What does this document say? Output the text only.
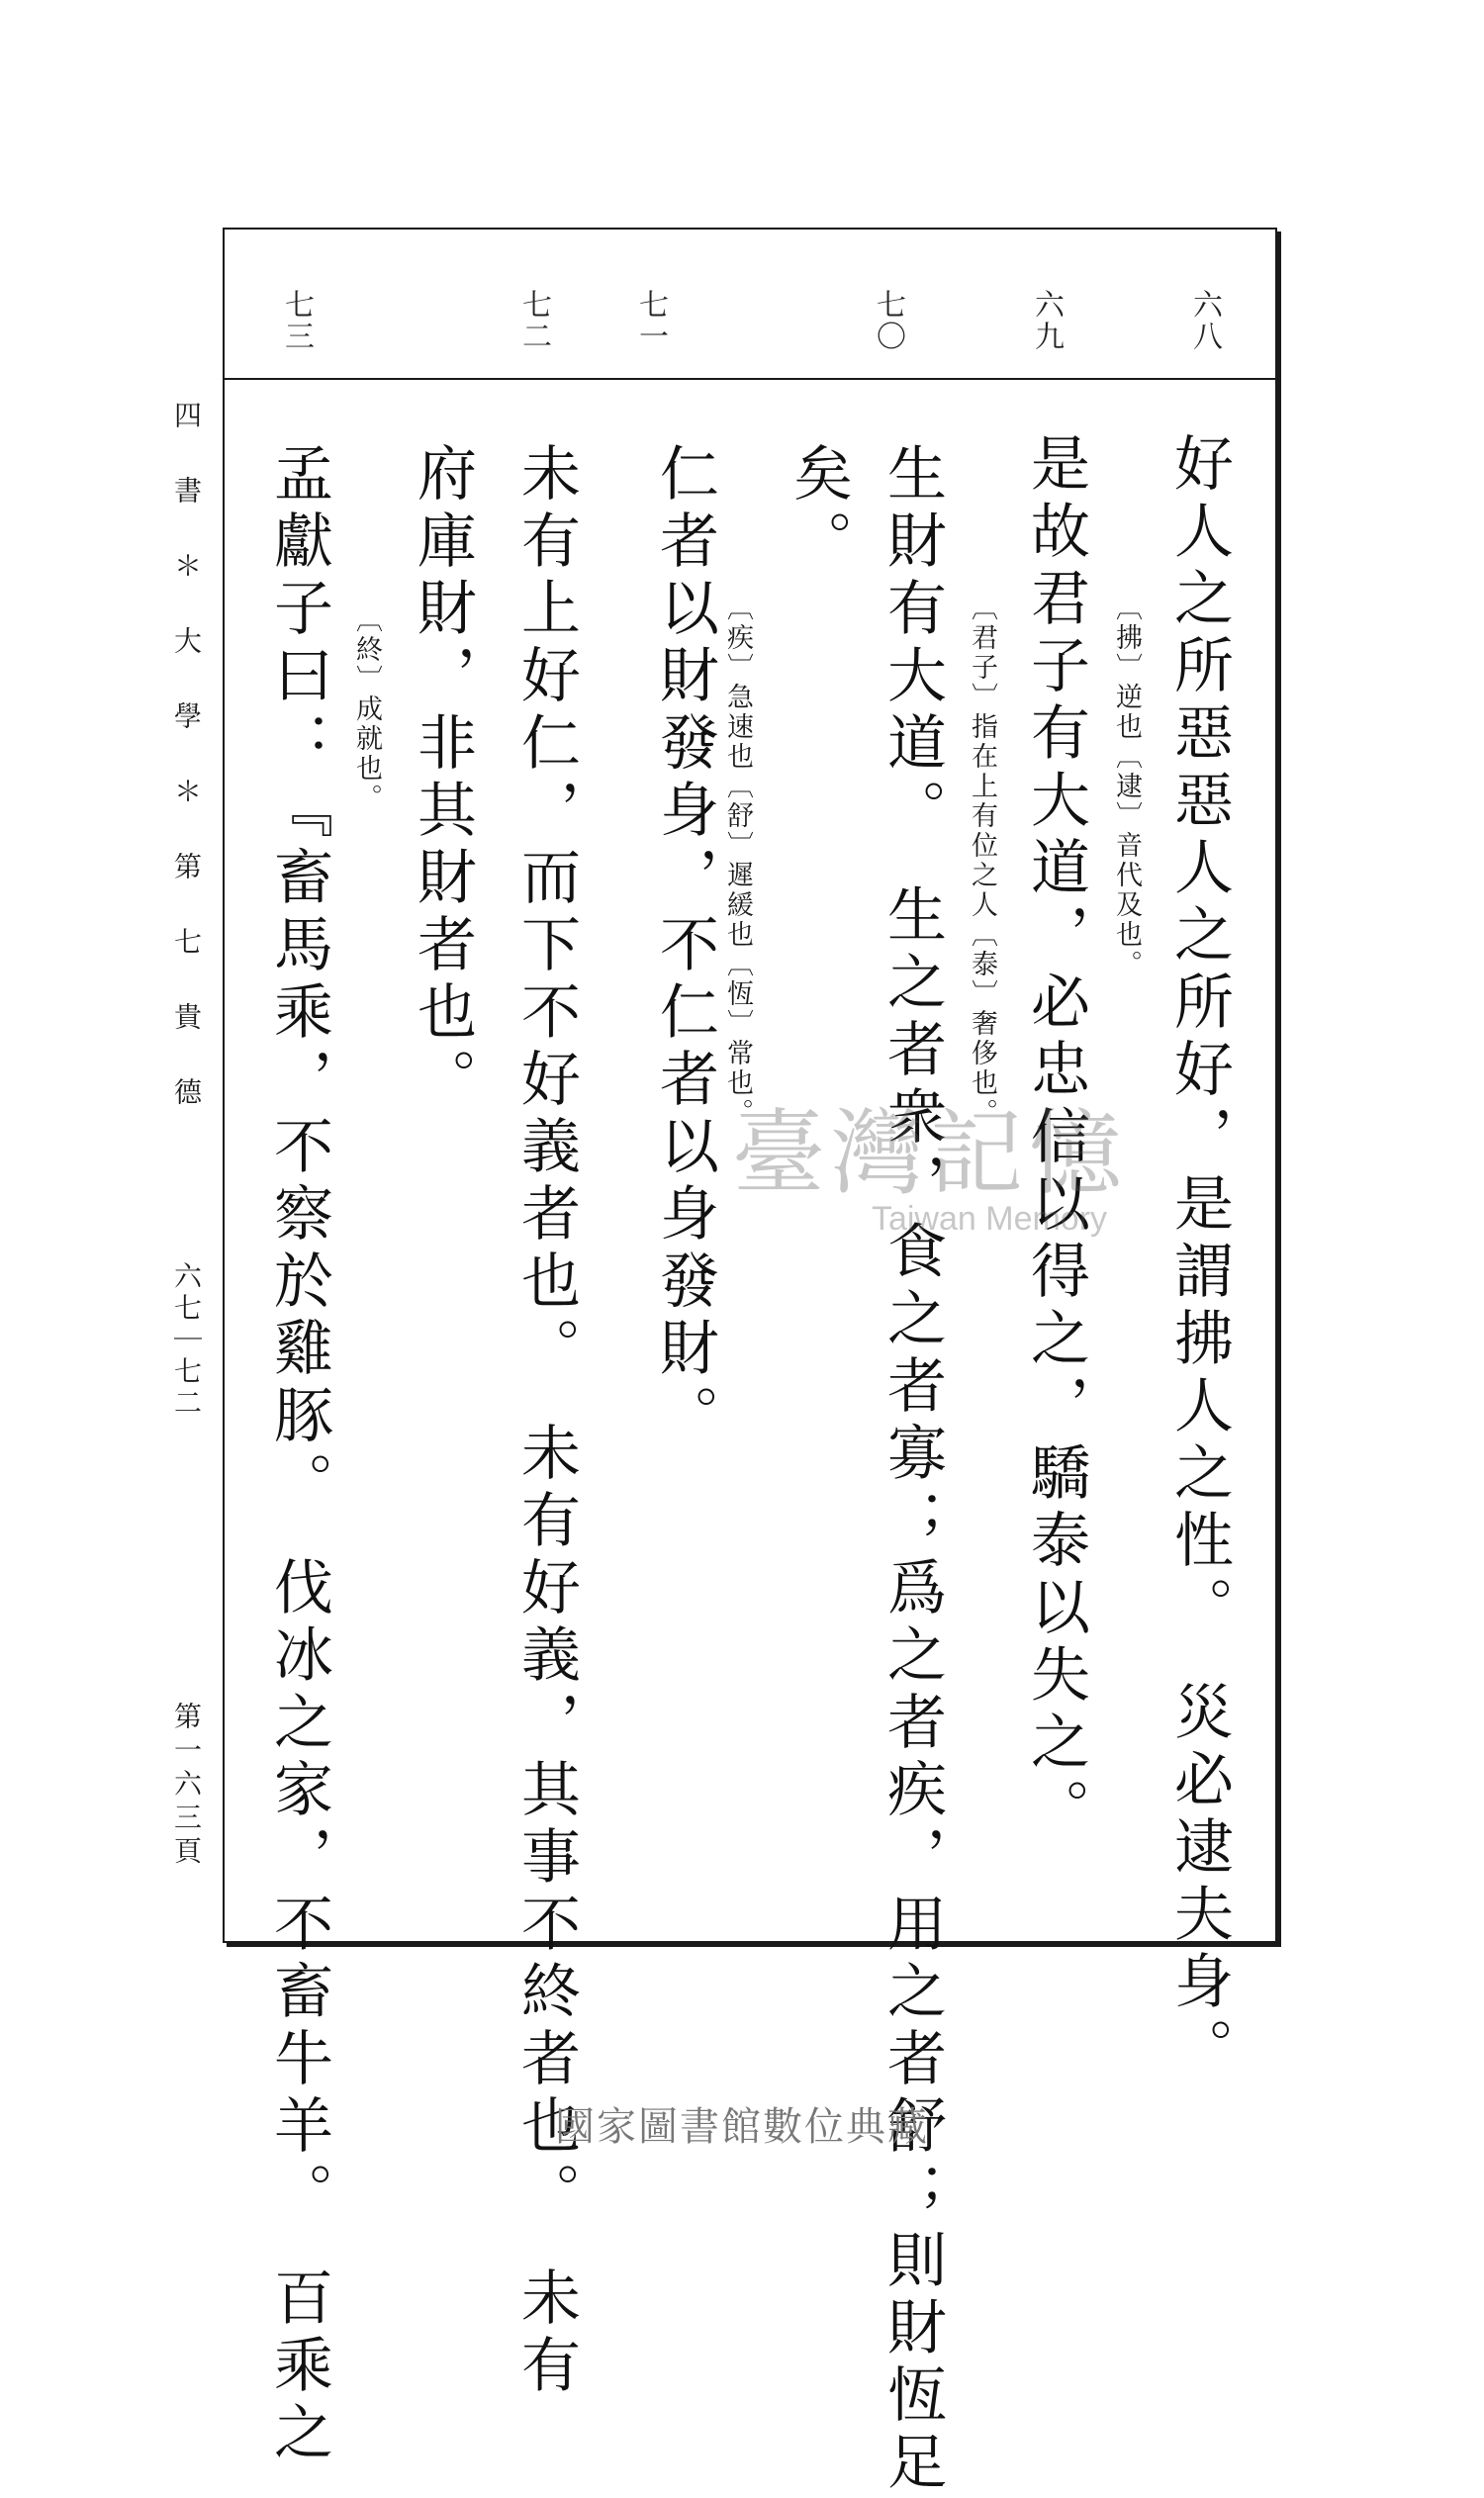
六八
六九
七〇
七一
七二
七三
好人之所惡惡人之所好，是謂拂人之性。　災必逮夫身。
〔拂〕逆也〔逮〕音代及也。
是故君子有大道，必忠信以得之，驕泰以失之。
〔君子〕指在上有位之人〔泰〕奢侈也。
生財有大道。　生之者衆，食之者寡；爲之者疾，用之者舒；則財恆足
矣。
〔疾〕急速也〔舒〕遲緩也〔恆〕常也。
仁者以財發身，不仁者以身發財。
未有上好仁，而下不好義者也。　未有好義，其事不終者也。　未有
府庫財，非其財者也。
〔終〕成就也。
孟獻子曰：『畜馬乘，不察於雞豚。　伐冰之家，不畜牛羊。　百乘之
四　書　＊　大　學　＊　第　七　貴　德
六七｜七二
第一六三頁
臺灣記憶
Taiwan Memory
國家圖書館數位典藏
